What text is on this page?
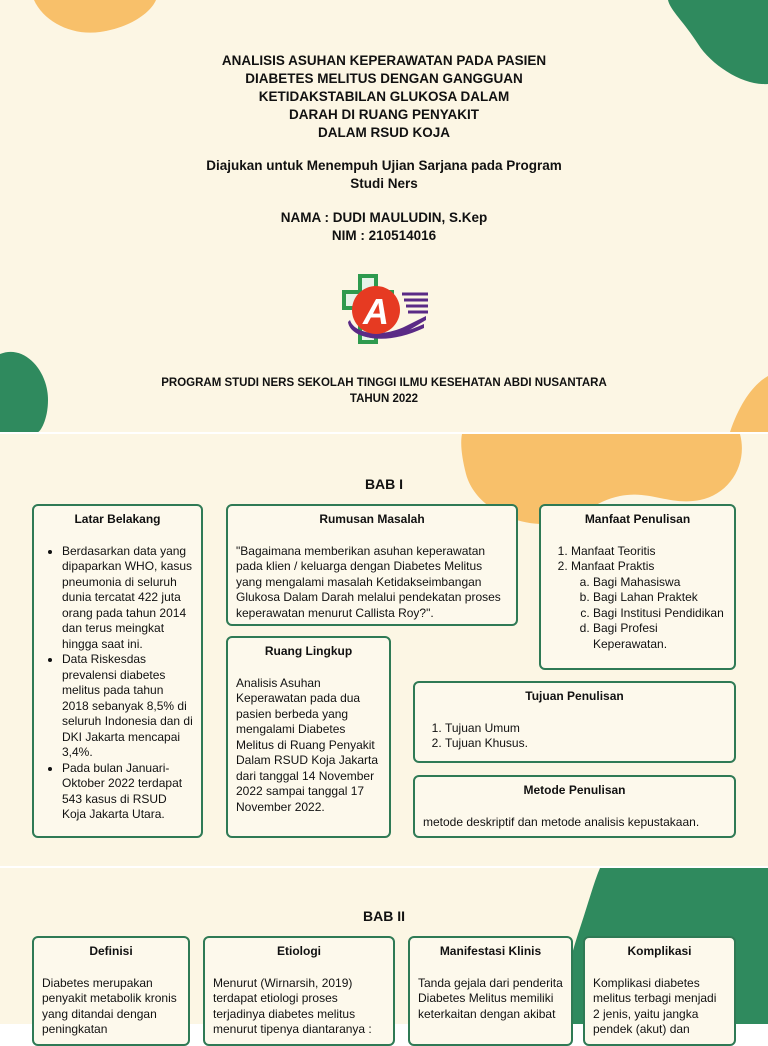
ANALISIS ASUHAN KEPERAWATAN PADA PASIEN
DIABETES MELITUS DENGAN GANGGUAN
KETIDAKSTABILAN GLUKOSA DALAM
DARAH DI RUANG PENYAKIT
DALAM RSUD KOJA
Diajukan untuk Menempuh Ujian Sarjana pada Program
Studi Ners
NAMA : DUDI MAULUDIN, S.Kep
NIM : 210514016
A
PROGRAM STUDI NERS SEKOLAH TINGGI ILMU KESEHATAN ABDI NUSANTARA
TAHUN 2022
BAB I
Latar Belakang
• Berdasarkan data yang dipaparkan WHO, kasus pneumonia di seluruh dunia tercatat 422 juta orang pada tahun 2014 dan terus meingkat hingga saat ini.
• Data Riskesdas prevalensi diabetes melitus pada tahun 2018 sebanyak 8,5% di seluruh Indonesia dan di DKI Jakarta mencapai 3,4%.
• Pada bulan Januari-Oktober 2022 terdapat 543 kasus di RSUD Koja Jakarta Utara.
Rumusan Masalah

"Bagaimana memberikan asuhan keperawatan pada klien / keluarga dengan Diabetes Melitus yang mengalami masalah Ketidakseimbangan Glukosa Dalam Darah melalui pendekatan proses keperawatan menurut Callista Roy?".

Ruang Lingkup

Analisis Asuhan Keperawatan pada dua pasien berbeda yang mengalami Diabetes Melitus di Ruang Penyakit Dalam RSUD Koja Jakarta dari tanggal 14 November 2022 sampai tanggal 17 November 2022.

Manfaat Penulisan
1. Manfaat Teoritis
2. Manfaat Praktis
a. Bagi Mahasiswa
b. Bagi Lahan Praktek
c. Bagi Institusi Pendidikan
d. Bagi Profesi Keperawatan.
Tujuan Penulisan
1. Tujuan Umum
2. Tujuan Khusus.
Metode Penulisan

metode deskriptif dan metode analisis kepustakaan.

BAB II
Definisi

Diabetes merupakan penyakit metabolik kronis yang ditandai dengan peningkatan

Etiologi

Menurut (Wirnarsih, 2019) terdapat etiologi proses terjadinya diabetes melitus menurut tipenya diantaranya :

Manifestasi Klinis

Tanda gejala dari penderita Diabetes Melitus memiliki keterkaitan dengan akibat

Komplikasi

Komplikasi diabetes melitus terbagi menjadi 2 jenis, yaitu jangka pendek (akut) dan
